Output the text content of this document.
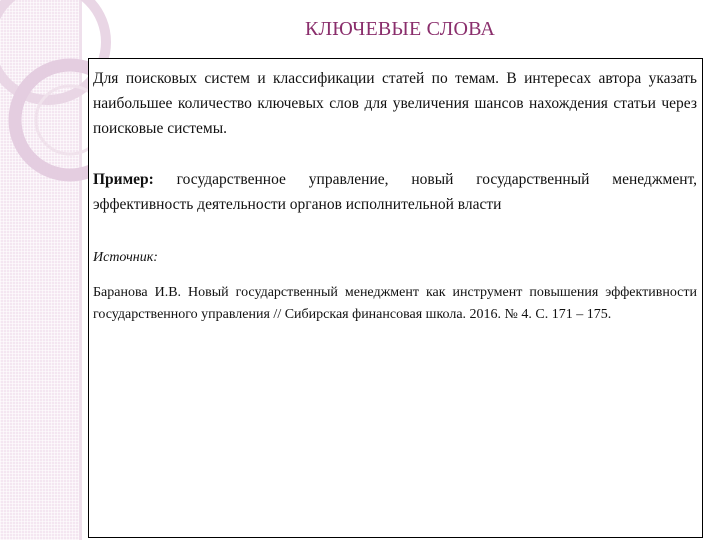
КЛЮЧЕВЫЕ СЛОВА

Для поисковых систем и классификации статей по темам. В интересах автора указать наибольшее количество ключевых слов для увеличения шансов нахождения статьи через поисковые системы.

Пример: государственное управление, новый государственный менеджмент, эффективность деятельности органов исполнительной власти

Источник:

Баранова И.В. Новый государственный менеджмент как инструмент повышения эффективности государственного управления // Сибирская финансовая школа. 2016. № 4. С. 171 – 175.
